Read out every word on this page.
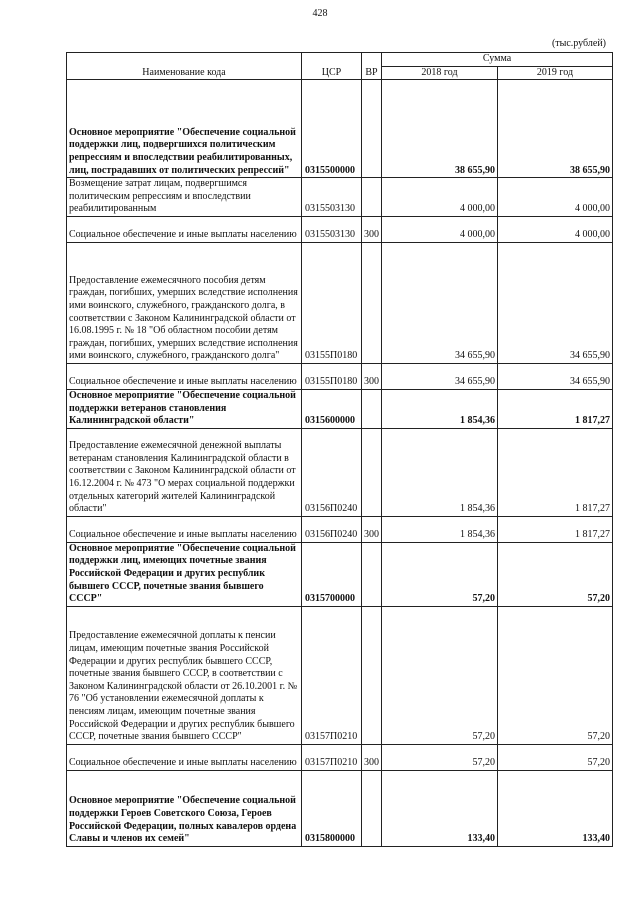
428
(тыс.рублей)
Наименование кода	ЦСР	ВР	Сумма	
			2018 год	2019 год
Основное мероприятие "Обеспечение социальной поддержки лиц, подвергшихся политическим репрессиям и впоследствии реабилитированных, лиц, пострадавших от политических репрессий"	0315500000		38 655,90	38 655,90
Возмещение затрат лицам, подвергшимся политическим репрессиям и впоследствии реабилитированным	0315503130		4 000,00	4 000,00
Социальное обеспечение и иные выплаты населению	0315503130	300	4 000,00	4 000,00
Предоставление ежемесячного пособия детям граждан, погибших, умерших вследствие исполнения ими воинского, служебного, гражданского долга, в соответствии с Законом Калининградской области от 16.08.1995 г. № 18 "Об областном пособии детям граждан, погибших, умерших вследствие исполнения ими воинского, служебного, гражданского долга"	03155П0180		34 655,90	34 655,90
Социальное обеспечение и иные выплаты населению	03155П0180	300	34 655,90	34 655,90
Основное мероприятие "Обеспечение социальной поддержки ветеранов становления Калининградской области"	0315600000		1 854,36	1 817,27
Предоставление ежемесячной денежной выплаты ветеранам становления Калининградской области в соответствии с Законом Калининградской области от 16.12.2004 г. № 473 "О мерах социальной поддержки отдельных категорий жителей Калининградской области"	03156П0240		1 854,36	1 817,27
Социальное обеспечение и иные выплаты населению	03156П0240	300	1 854,36	1 817,27
Основное мероприятие "Обеспечение социальной поддержки лиц, имеющих почетные звания Российской Федерации и других республик бывшего СССР, почетные звания бывшего СССР"	0315700000		57,20	57,20
Предоставление ежемесячной доплаты к пенсии лицам, имеющим почетные звания Российской Федерации и других республик бывшего СССР, почетные звания бывшего СССР, в соответствии с Законом Калининградской области от 26.10.2001 г. № 76 "Об установлении ежемесячной доплаты к пенсиям лицам, имеющим почетные звания Российской Федерации и других республик бывшего СССР, почетные звания бывшего СССР"	03157П0210		57,20	57,20
Социальное обеспечение и иные выплаты населению	03157П0210	300	57,20	57,20
Основное мероприятие "Обеспечение социальной поддержки Героев Советского Союза, Героев Российской Федерации, полных кавалеров ордена Славы и членов их семей"	0315800000		133,40	133,40
